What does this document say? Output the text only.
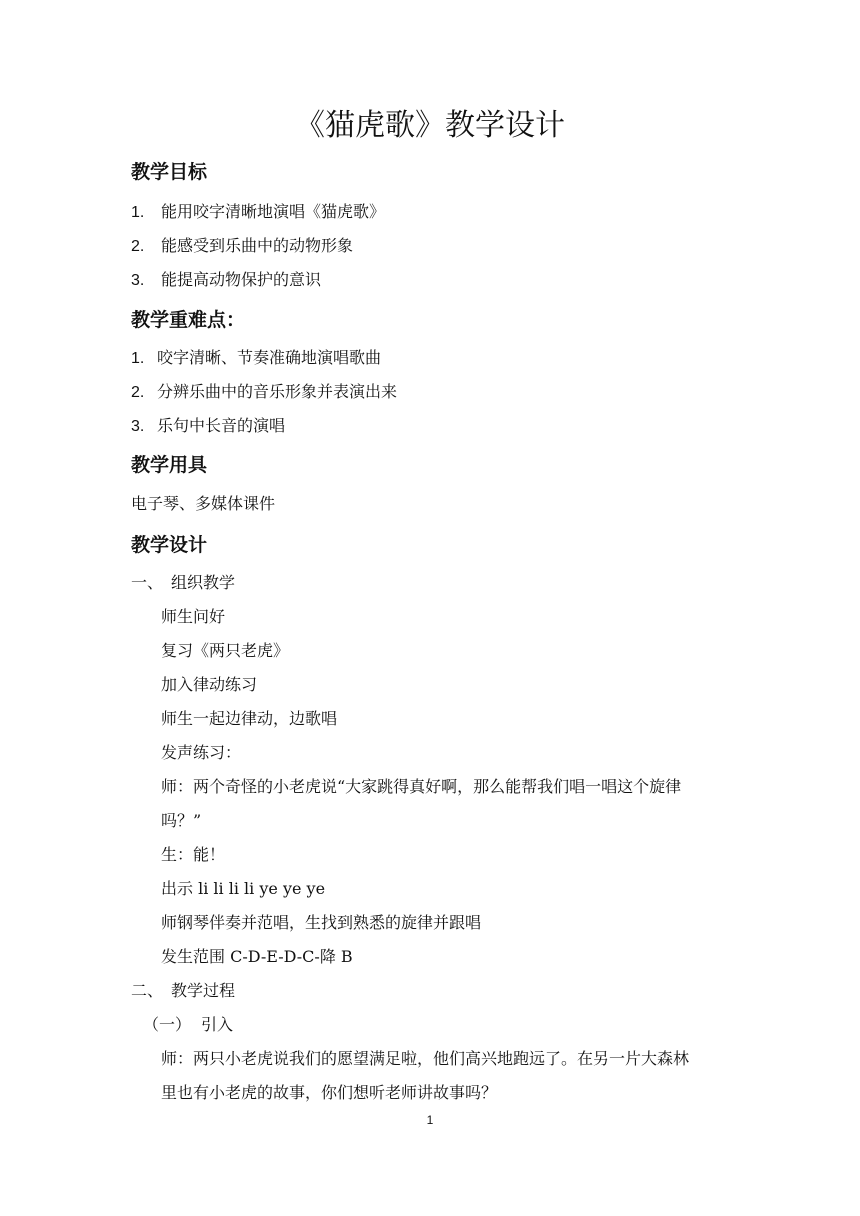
《猫虎歌》教学设计
教学目标
1. 能用咬字清晰地演唱《猫虎歌》
2. 能感受到乐曲中的动物形象
3. 能提高动物保护的意识
教学重难点：
1. 咬字清晰、节奏准确地演唱歌曲
2. 分辨乐曲中的音乐形象并表演出来
3. 乐句中长音的演唱
教学用具
电子琴、多媒体课件
教学设计
一、 组织教学
师生问好
复习《两只老虎》
加入律动练习
师生一起边律动，边歌唱
发声练习：
师：两个奇怪的小老虎说“大家跳得真好啊，那么能帮我们唱一唱这个旋律
吗？”
生：能！
出示 li li li li ye ye ye
师钢琴伴奏并范唱，生找到熟悉的旋律并跟唱
发生范围 C-D-E-D-C-降 B
二、 教学过程
（一） 引入
师：两只小老虎说我们的愿望满足啦，他们高兴地跑远了。在另一片大森林
里也有小老虎的故事，你们想听老师讲故事吗？
1
